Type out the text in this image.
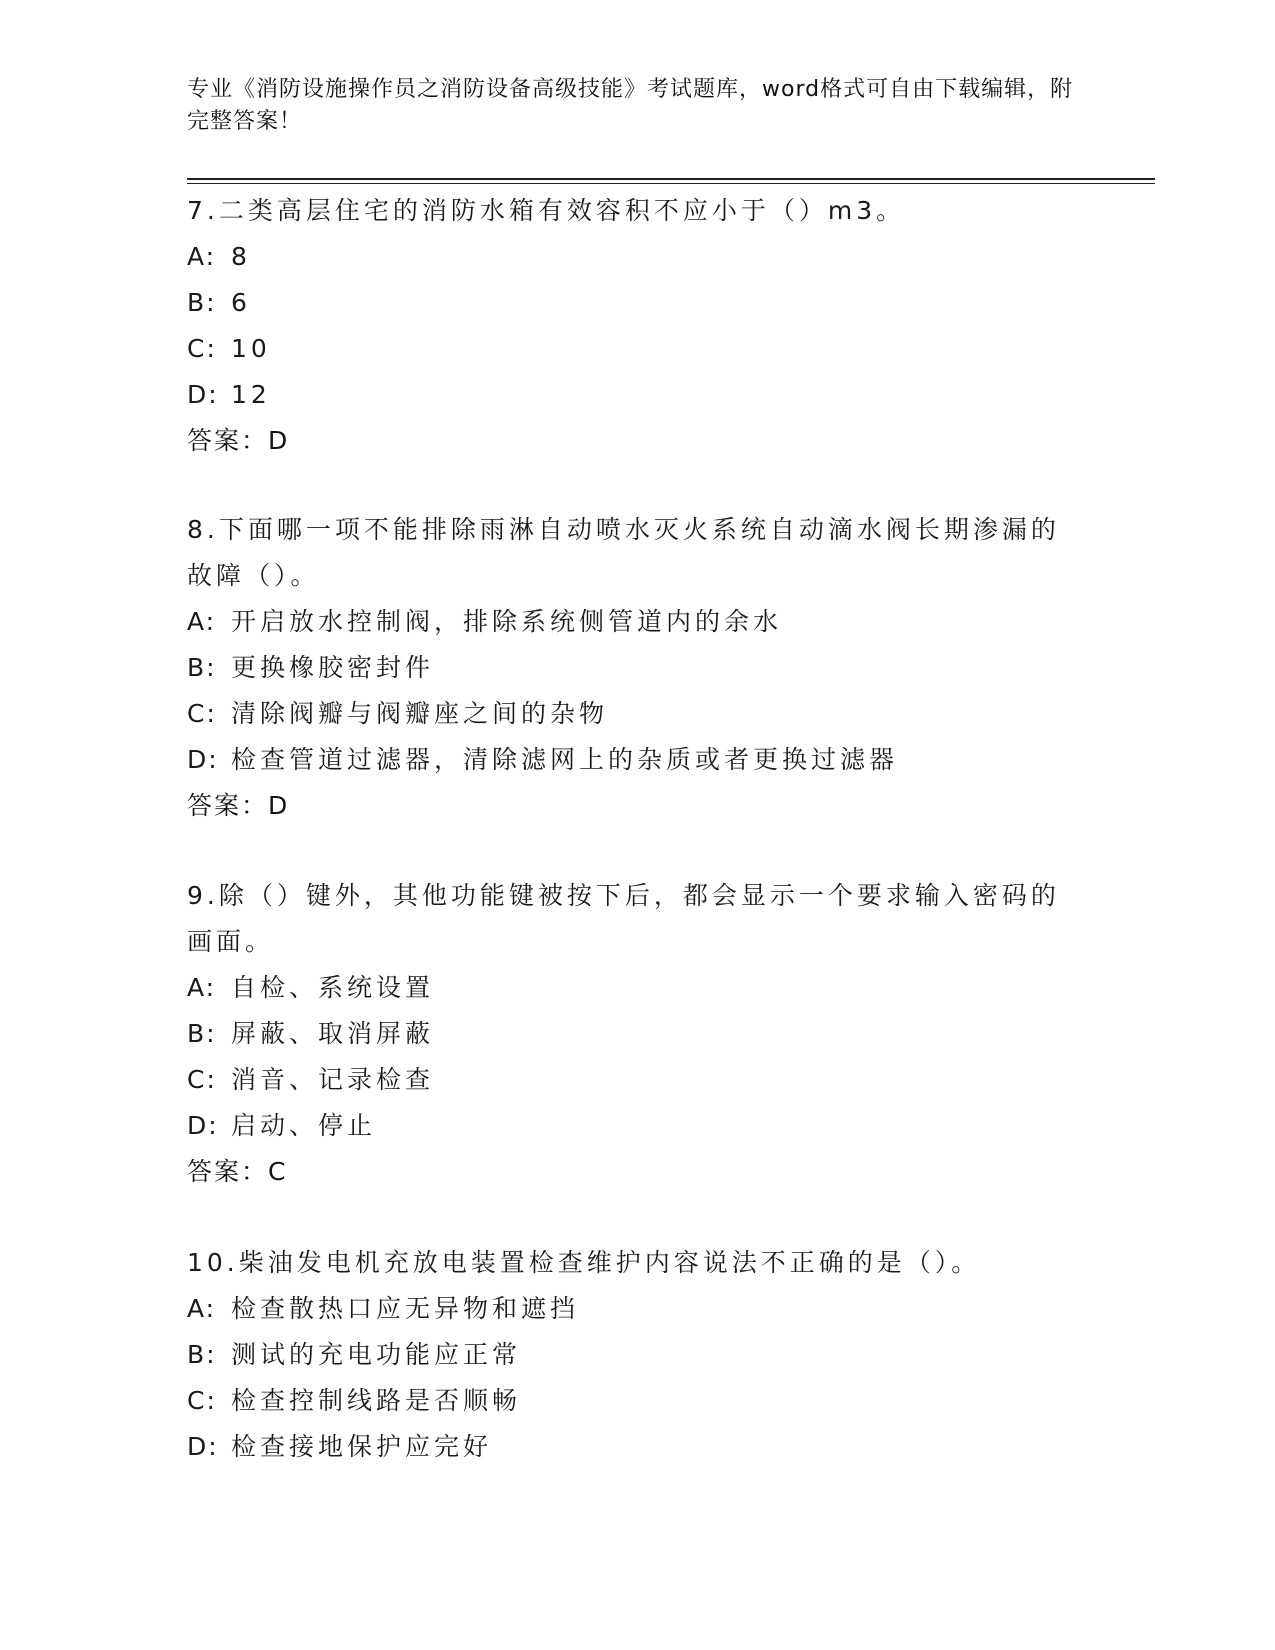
专业《消防设施操作员之消防设备高级技能》考试题库，word格式可自由下载编辑，附完整答案！
7.二类高层住宅的消防水箱有效容积不应小于（）m3。
A: 8
B: 6
C: 10
D: 12
答案：D
8.下面哪一项不能排除雨淋自动喷水灭火系统自动滴水阀长期渗漏的故障（）。
A: 开启放水控制阀，排除系统侧管道内的余水
B: 更换橡胶密封件
C: 清除阀瓣与阀瓣座之间的杂物
D: 检查管道过滤器，清除滤网上的杂质或者更换过滤器
答案：D
9.除（）键外，其他功能键被按下后，都会显示一个要求输入密码的画面。
A: 自检、系统设置
B: 屏蔽、取消屏蔽
C: 消音、记录检查
D: 启动、停止
答案：C
10.柴油发电机充放电装置检查维护内容说法不正确的是（）。
A: 检查散热口应无异物和遮挡
B: 测试的充电功能应正常
C: 检查控制线路是否顺畅
D: 检查接地保护应完好
